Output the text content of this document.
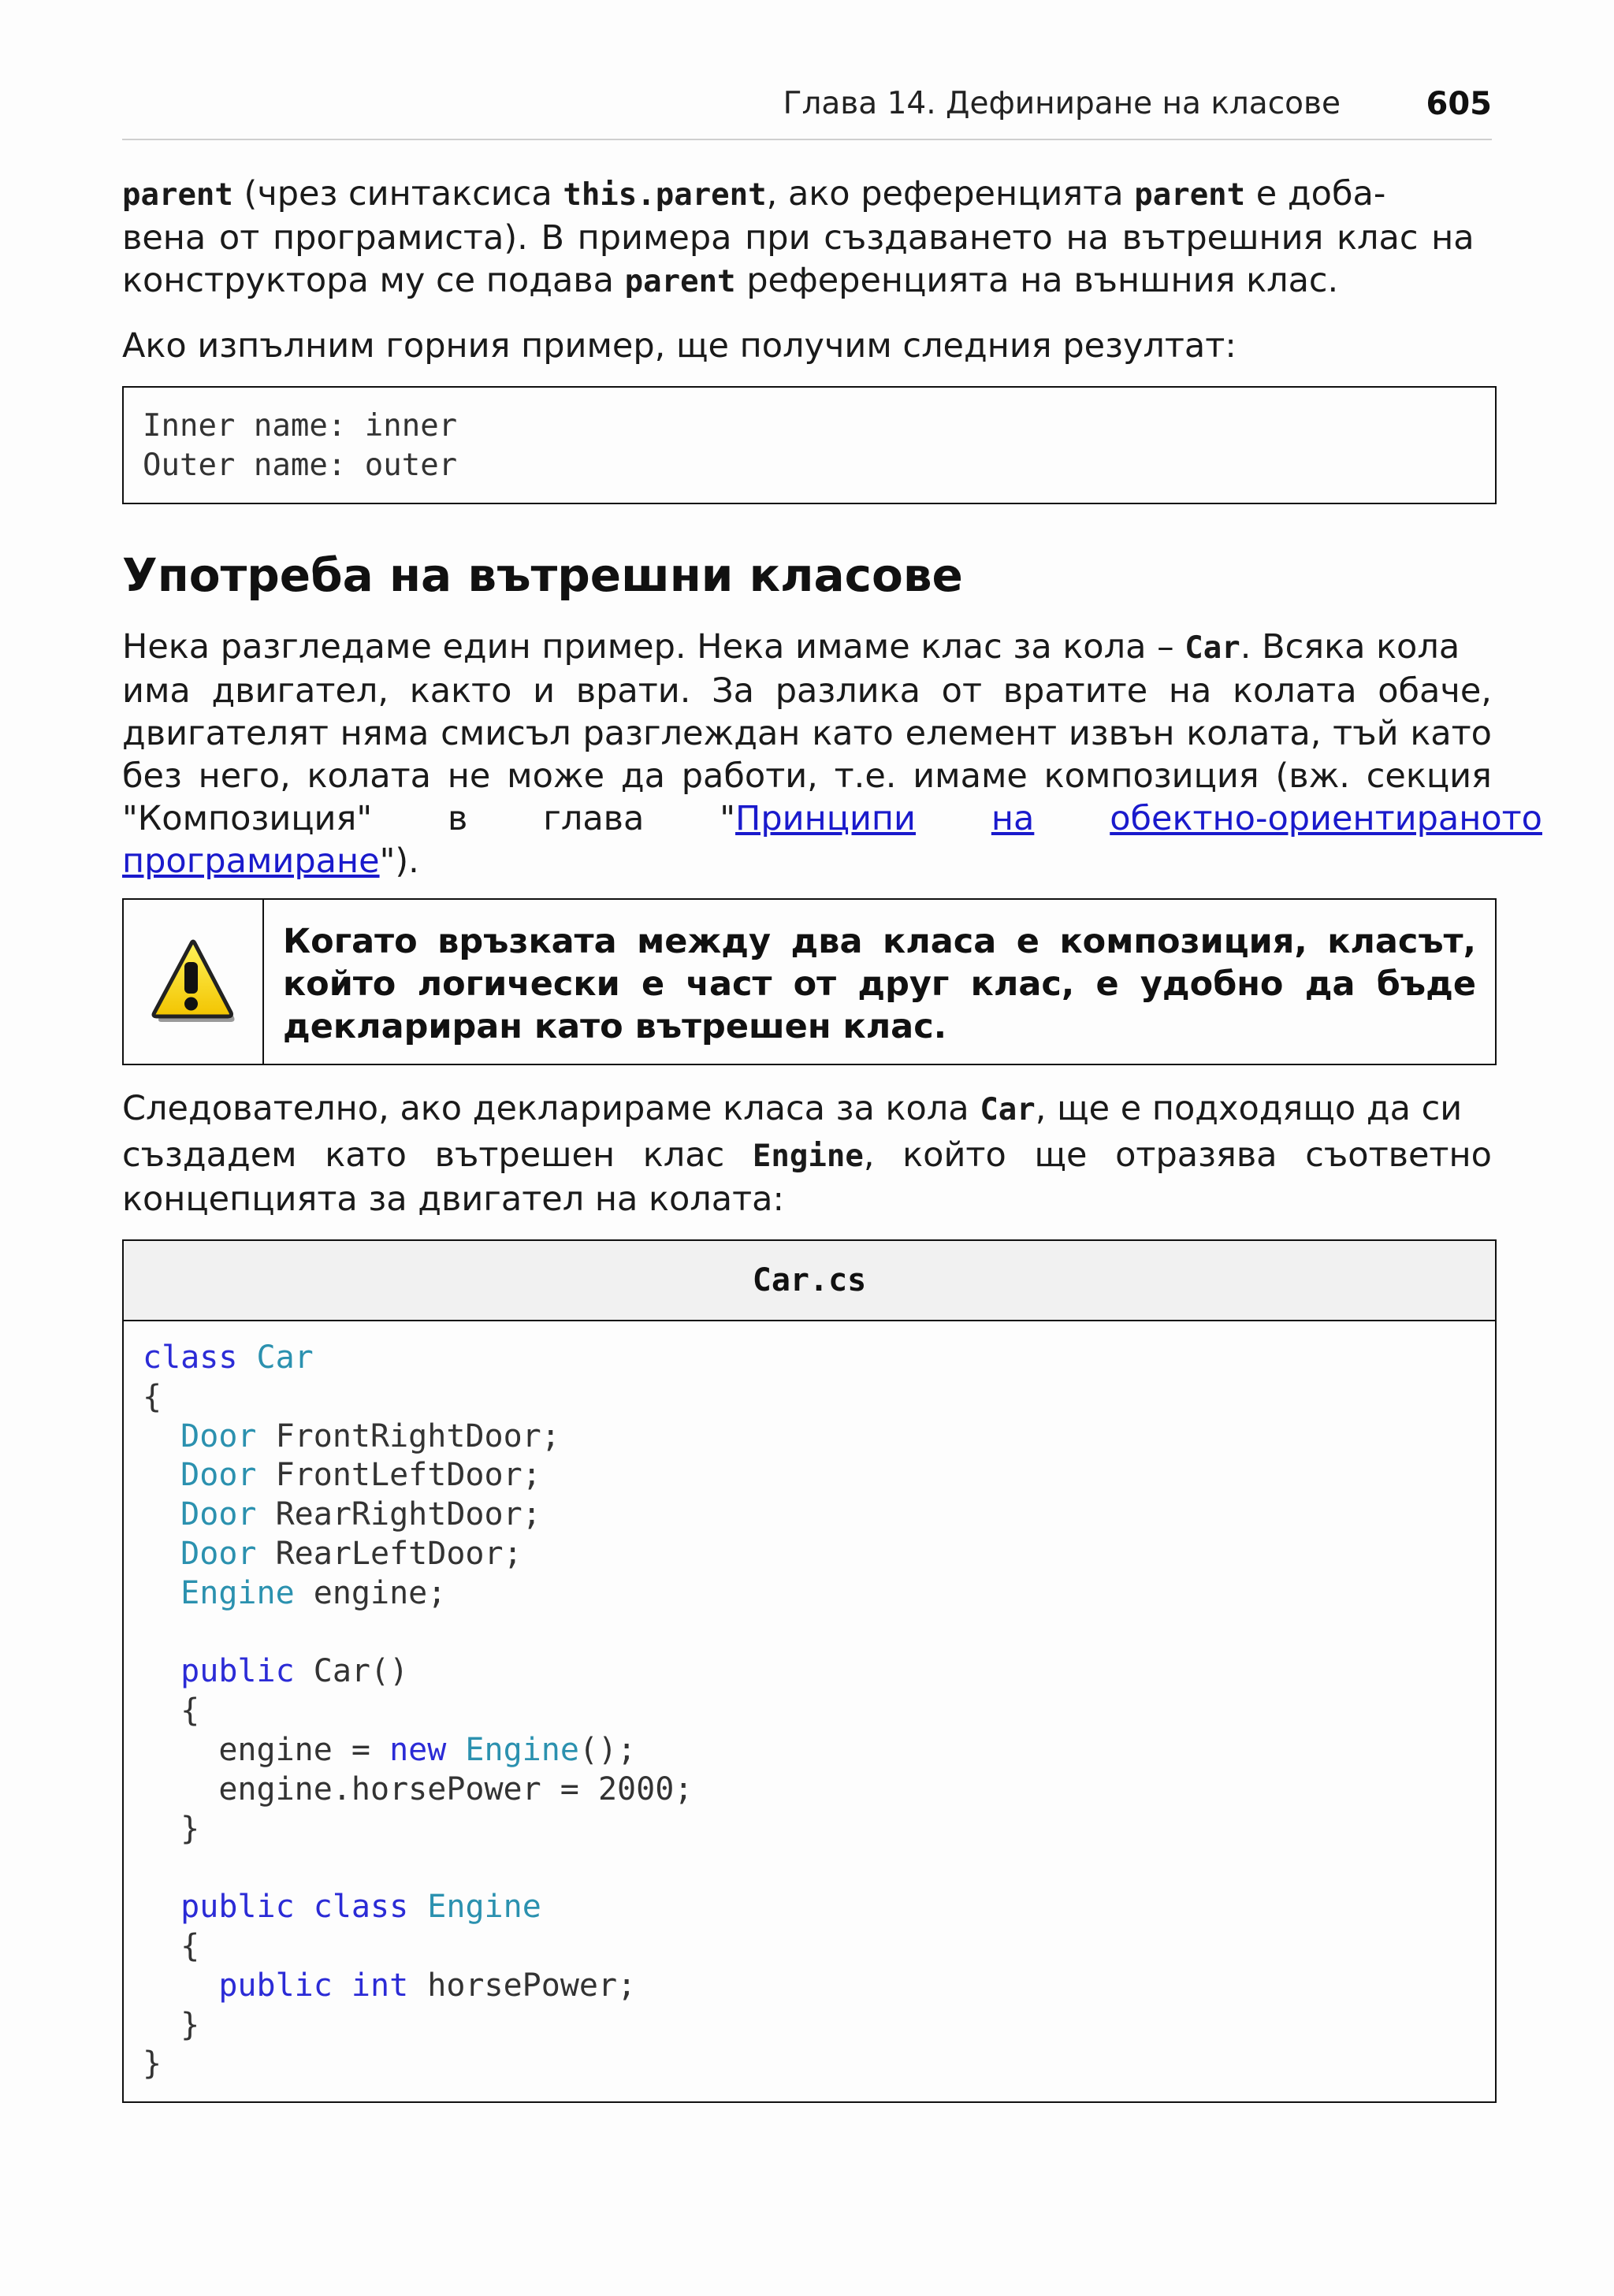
Глава 14. Дефиниране на класове	605
parent (чрез синтаксиса this.parent, ако референцията parent е доба-
вена от програмиста). В примера при създаването на вътрешния клас на
конструктора му се подава parent референцията на външния клас.
Ако изпълним горния пример, ще получим следния резултат:
Inner name: inner
Outer name: outer
Употреба на вътрешни класове
Нека разгледаме един пример. Нека имаме клас за кола – Car. Всяка кола
има двигател, както и врати. За разлика от вратите на колата обаче,
двигателят няма смисъл разглеждан като елемент извън колата, тъй като
без него, колата не може да работи, т.е. имаме композиция (вж. секция
"Композиция" в глава "Принципи на обектно-ориентираното
програмиране").
Когато връзката между два класа е композиция, класът,
който логически е част от друг клас, е удобно да бъде
деклариран като вътрешен клас.
Следователно, ако декларираме класа за кола Car, ще е подходящо да си
създадем като вътрешен клас Engine, който ще отразява съответно
концепцията за двигател на колата:
Car.cs
class Car
{
Door FrontRightDoor;
Door FrontLeftDoor;
Door RearRightDoor;
Door RearLeftDoor;
Engine engine;

public Car()
{
engine = new Engine();
engine.horsePower = 2000;
}

public class Engine
{
public int horsePower;
}
}
